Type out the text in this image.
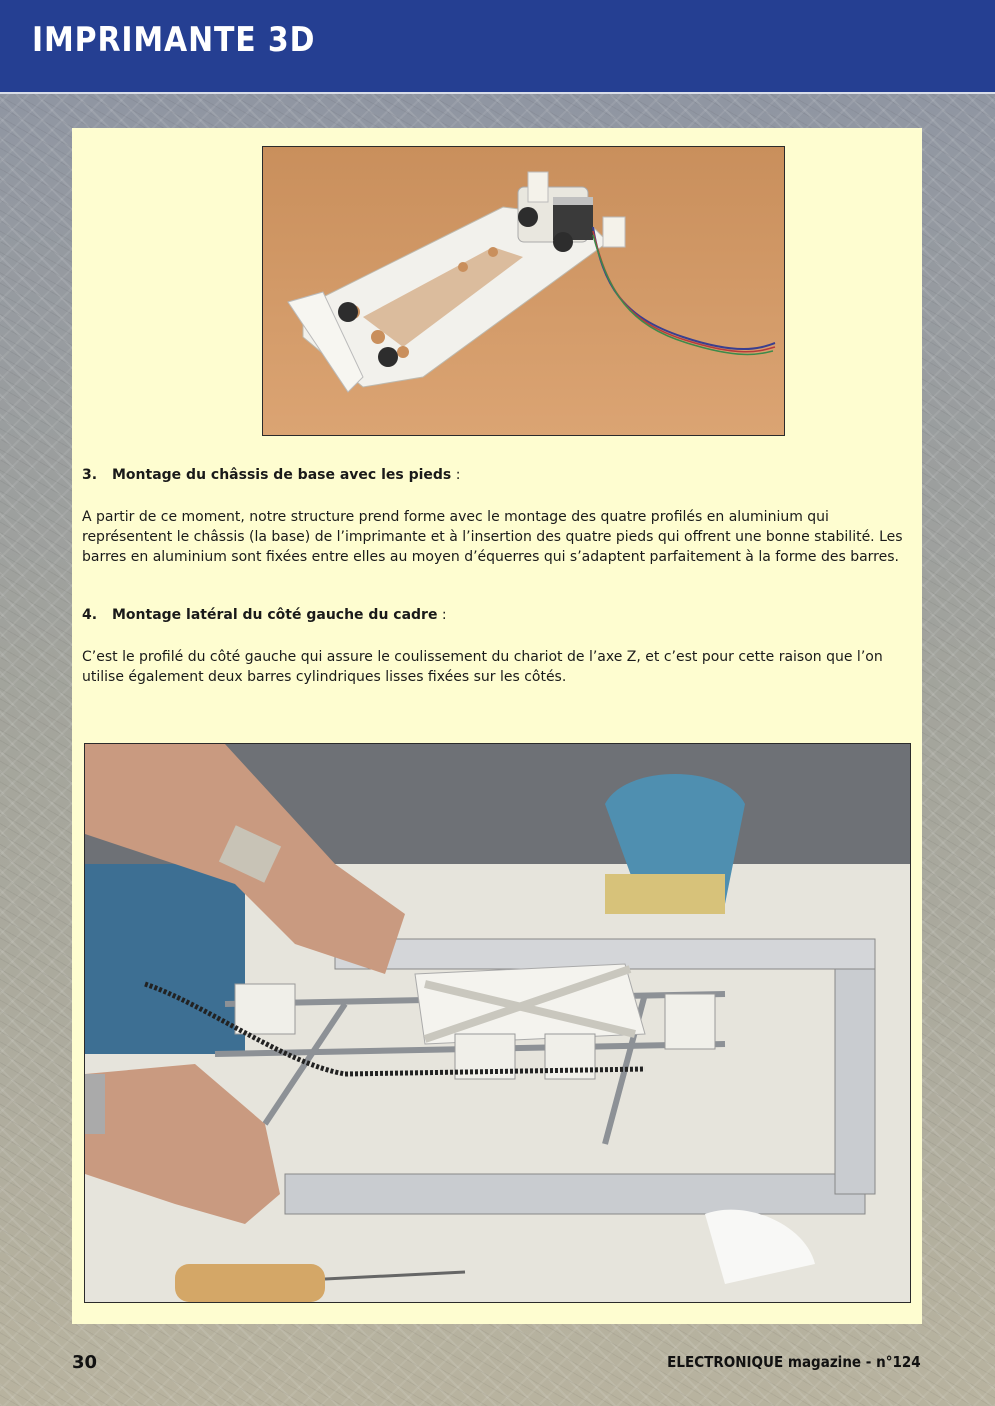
IMPRIMANTE 3D
3. Montage du châssis de base avec les pieds :

A partir de ce moment, notre structure prend forme avec le montage des quatre profilés en aluminium qui représentent le châssis (la base) de l’imprimante et à l’insertion des quatre pieds qui offrent une bonne stabilité. Les barres en aluminium sont fixées entre elles au moyen d’équerres qui s’adaptent parfaitement à la forme des barres.

4. Montage latéral du côté gauche du cadre :

C’est le profilé du côté gauche qui assure le coulissement du chariot de l’axe Z, et c’est pour cette raison que l’on utilise également deux barres cylindriques lisses fixées sur les côtés.

30	ELECTRONIQUE magazine - n°124
